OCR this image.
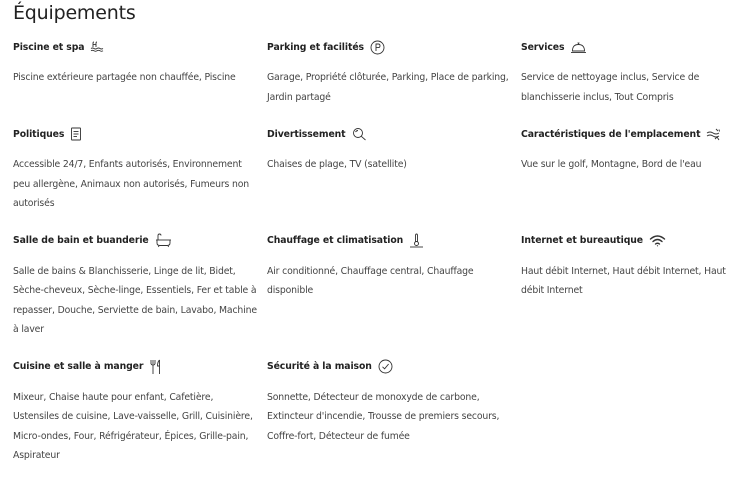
Équipements
Piscine et spa
Piscine extérieure partagée non chauffée, Piscine
Parking et facilités
Garage, Propriété clôturée, Parking, Place de parking, Jardin partagé
Services
Service de nettoyage inclus, Service de blanchisserie inclus, Tout Compris
Politiques
Accessible 24/7, Enfants autorisés, Environnement peu allergène, Animaux non autorisés, Fumeurs non autorisés
Divertissement
Chaises de plage, TV (satellite)
Caractéristiques de l'emplacement
Vue sur le golf, Montagne, Bord de l'eau
Salle de bain et buanderie
Salle de bains & Blanchisserie, Linge de lit, Bidet, Sèche-cheveux, Sèche-linge, Essentiels, Fer et table à repasser, Douche, Serviette de bain, Lavabo, Machine à laver
Chauffage et climatisation
Air conditionné, Chauffage central, Chauffage disponible
Internet et bureautique
Haut débit Internet, Haut débit Internet, Haut débit Internet
Cuisine et salle à manger
Mixeur, Chaise haute pour enfant, Cafetière, Ustensiles de cuisine, Lave-vaisselle, Grill, Cuisinière, Micro-ondes, Four, Réfrigérateur, Épices, Grille-pain, Aspirateur
Sécurité à la maison
Sonnette, Détecteur de monoxyde de carbone, Extincteur d'incendie, Trousse de premiers secours, Coffre-fort, Détecteur de fumée
